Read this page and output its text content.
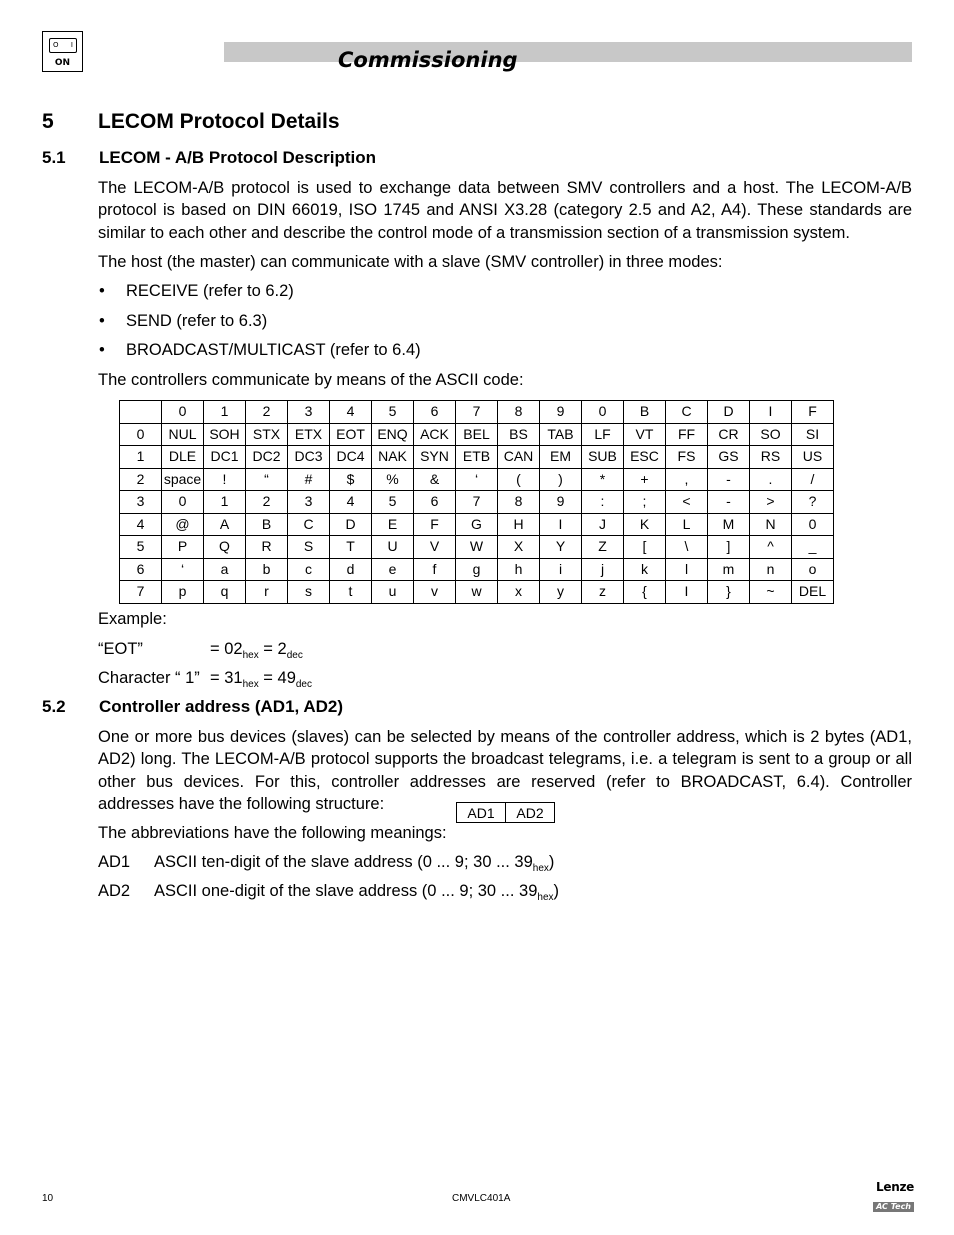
O I
ON	Commissioning
5 LECOM Protocol Details
5.1 LECOM - A/B Protocol Description
The LECOM-A/B protocol is used to exchange data between SMV controllers and a host. The LECOM-A/B protocol is based on DIN 66019, ISO 1745 and ANSI X3.28 (category 2.5 and A2, A4). These standards are similar to each other and describe the control mode of a transmission section of a transmission system.
The host (the master) can communicate with a slave (SMV controller) in three modes:
• RECEIVE (refer to 6.2)
• SEND (refer to 6.3)
• BROADCAST/MULTICAST (refer to 6.4)
The controllers communicate by means of the ASCII code:
	0	1	2	3	4	5	6	7	8	9	0	B	C	D	I	F
0	NUL	SOH	STX	ETX	EOT	ENQ	ACK	BEL	BS	TAB	LF	VT	FF	CR	SO	SI
1	DLE	DC1	DC2	DC3	DC4	NAK	SYN	ETB	CAN	EM	SUB	ESC	FS	GS	RS	US
2	space	!	“	#	$	%	&	‘	(	)	*	+	,	-	.	/
3	0	1	2	3	4	5	6	7	8	9	:	;	<	-	>	?
4	@	A	B	C	D	E	F	G	H	I	J	K	L	M	N	0
5	P	Q	R	S	T	U	V	W	X	Y	Z	[	\	]	^	_
6	‘	a	b	c	d	e	f	g	h	i	j	k	l	m	n	o
7	p	q	r	s	t	u	v	w	x	y	z	{	I	}	~	DEL
Example:
“EOT”	= $02_{hex} = 2_{dec}$
Character “ 1” = $31_{hex} = 49_{dec}$
5.2 Controller address (AD1, AD2)
One or more bus devices (slaves) can be selected by means of the controller address, which is 2 bytes (AD1, AD2) long. The LECOM-A/B protocol supports the broadcast telegrams, i.e. a telegram is sent to a group or all other bus devices. For this, controller addresses are reserved (refer to BROADCAST, 6.4). Controller addresses have the following structure:	AD1	AD2
The abbreviations have the following meanings:
AD1 ASCII ten-digit of the slave address (0 ... 9; 30 ... $39_{hex}$)
AD2 ASCII one-digit of the slave address (0 ... 9; 30 ... $39_{hex}$)
10	CMVLC401A
Lenze
AC Tech
